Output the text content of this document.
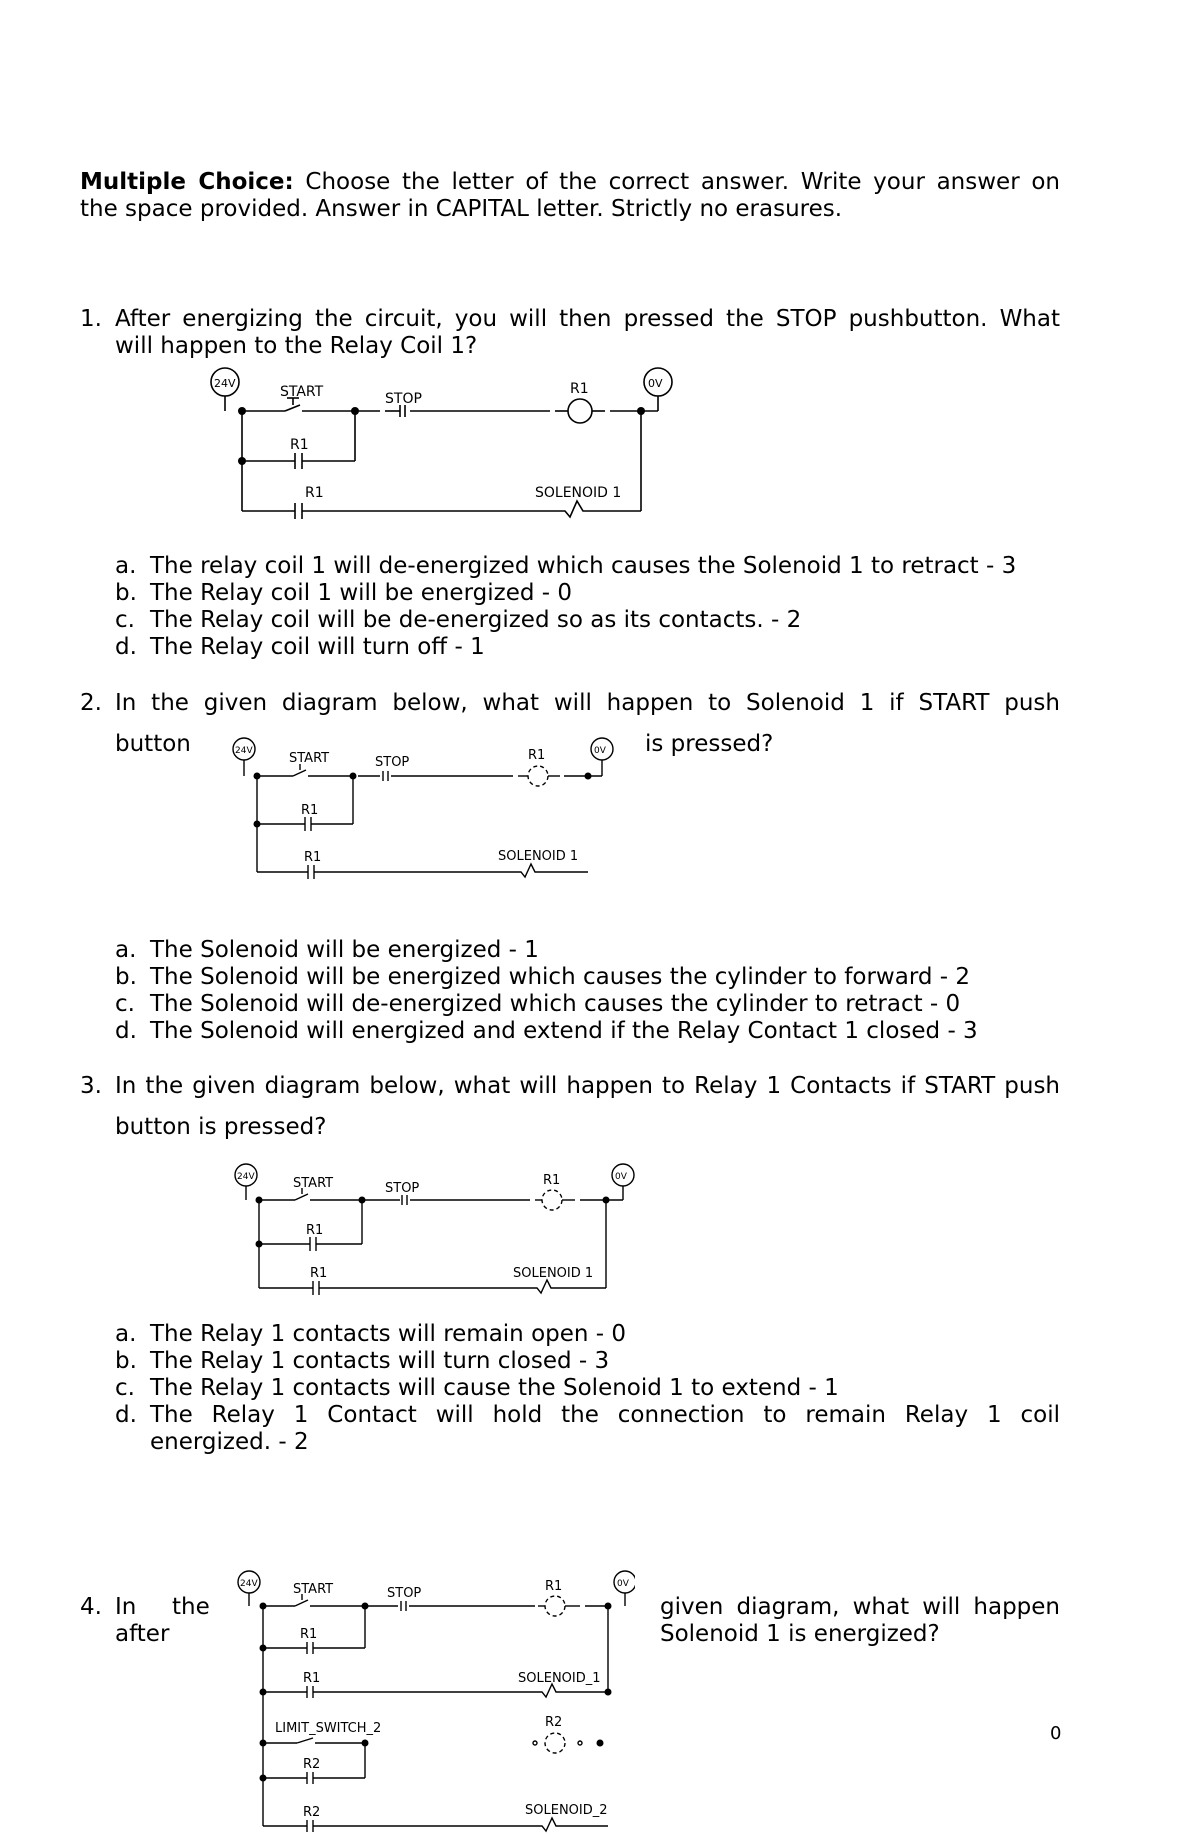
Multiple Choice: Choose the letter of the correct answer. Write your answer on
the space provided. Answer in CAPITAL letter. Strictly no erasures.
1. After energizing the circuit, you will then pressed the STOP pushbutton. What
will happen to the Relay Coil 1?
24V	0V
START	STOP
R1
R1
R1	SOLENOID 1
a. The relay coil 1 will de-energized which causes the Solenoid 1 to retract - 3
b. The Relay coil 1 will be energized - 0
c. The Relay coil will be de-energized so as its contacts. - 2
d. The Relay coil will turn off - 1
2. In the given diagram below, what will happen to Solenoid 1 if START push
button	is pressed?
24V	0V
START	STOP	R1
R1
R1	SOLENOID 1
a. The Solenoid will be energized - 1
b. The Solenoid will be energized which causes the cylinder to forward - 2
c. The Solenoid will de-energized which causes the cylinder to retract - 0
d. The Solenoid will energized and extend if the Relay Contact 1 closed - 3
3. In the given diagram below, what will happen to Relay 1 Contacts if START push
button is pressed?
24V	0V
START	STOP
R1
R1
R1	SOLENOID 1
a. The Relay 1 contacts will remain open - 0
b. The Relay 1 contacts will turn closed - 3
c. The Relay 1 contacts will cause the Solenoid 1 to extend - 1
d. The Relay 1 Contact will hold the connection to remain Relay 1 coil
energized. - 2
4. In the
after
given diagram, what will happen
Solenoid 1 is energized?
24V	0V
START	STOP	R1
R1
R1	SOLENOID_1
LIMIT_SWITCH_2	R2
R2
R2	SOLENOID_2
0
